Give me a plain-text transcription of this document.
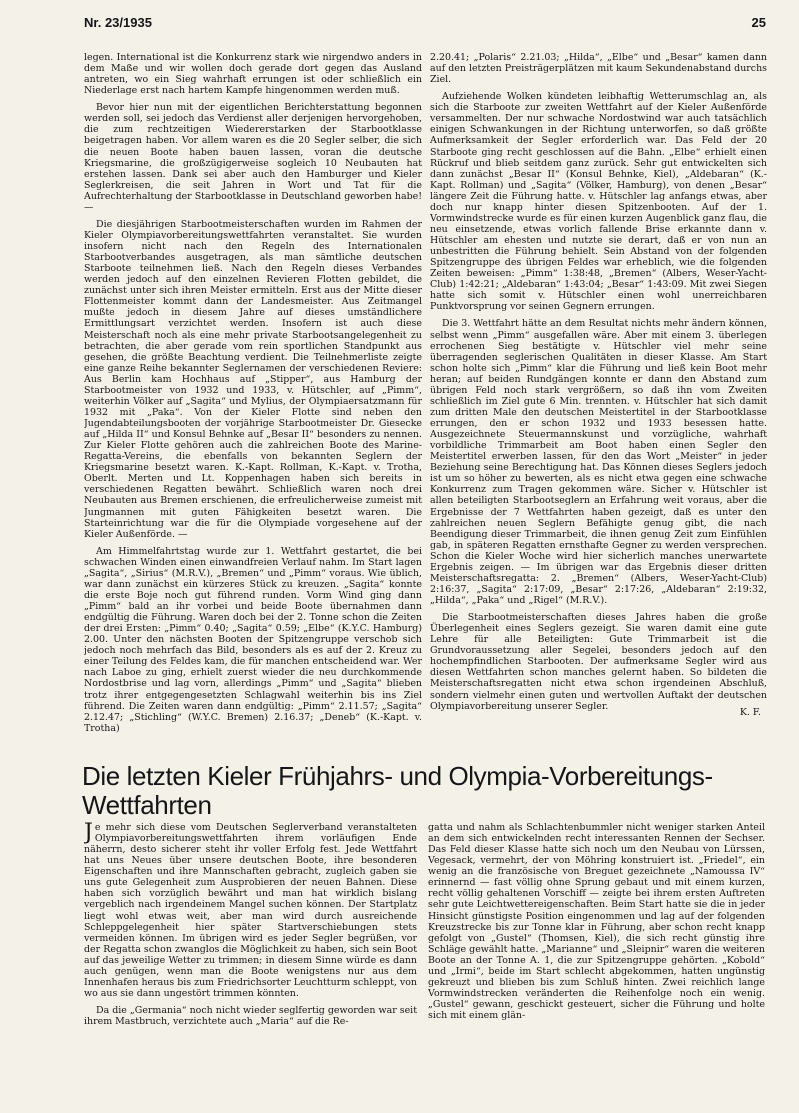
Nr. 23/1935	25

legen. International ist die Konkurrenz stark wie nirgendwo anders in dem Maße und wir wollen doch gerade dort gegen das Ausland antreten, wo ein Sieg wahrhaft errungen ist oder schließlich ein Niederlage erst nach hartem Kampfe hingenommen werden muß.

Bevor hier nun mit der eigentlichen Berichterstattung begonnen werden soll, sei jedoch das Verdienst aller derjenigen hervorgehoben, die zum rechtzeitigen Wiedererstarken der Starbootklasse beigetragen haben. Vor allem waren es die 20 Segler selber, die sich die neuen Boote haben bauen lassen, voran die deutsche Kriegsmarine, die großzügigerweise sogleich 10 Neubauten hat erstehen lassen. Dank sei aber auch den Hamburger und Kieler Seglerkreisen, die seit Jahren in Wort und Tat für die Aufrechterhaltung der Starbootklasse in Deutschland geworben habe! —

Die diesjährigen Starbootmeisterschaften wurden im Rahmen der Kieler Olympiavorbereitungswettfahrten veranstaltet. Sie wurden insofern nicht nach den Regeln des Internationalen Starbootverbandes ausgetragen, als man sämtliche deutschen Starboote teilnehmen ließ. Nach den Regeln dieses Verbandes werden jedoch auf den einzelnen Revieren Flotten gebildet, die zunächst unter sich ihren Meister ermitteln. Erst aus der Mitte dieser Flottenmeister kommt dann der Landesmeister. Aus Zeitmangel mußte jedoch in diesem Jahre auf dieses umständlichere Ermittlungsart verzichtet werden. Insofern ist auch diese Meisterschaft noch als eine mehr private Starbootsangelegenheit zu betrachten, die aber gerade vom rein sportlichen Standpunkt aus gesehen, die größte Beachtung verdient. Die Teilnehmerliste zeigte eine ganze Reihe bekannter Seglernamen der verschiedenen Reviere: Aus Berlin kam Hochhaus auf „Stipper“, aus Hamburg der Starbootmeister von 1932 und 1933, v. Hütschler, auf „Pimm“, weiterhin Völker auf „Sagita“ und Mylius, der Olympiaersatzmann für 1932 mit „Paka“. Von der Kieler Flotte sind neben den Jugendabteilungsbooten der vorjährige Starbootmeister Dr. Giesecke auf „Hilda II“ und Konsul Behnke auf „Besar II“ besonders zu nennen. Zur Kieler Flotte gehören auch die zahlreichen Boote des Marine-Regatta-Vereins, die ebenfalls von bekannten Seglern der Kriegsmarine besetzt waren. K.-Kapt. Rollman, K.-Kapt. v. Trotha, Oberlt. Merten und Lt. Koppenhagen haben sich bereits in verschiedenen Regatten bewährt. Schließlich waren noch drei Neubauten aus Bremen erschienen, die erfreulicherweise zumeist mit Jungmannen mit guten Fähigkeiten besetzt waren. Die Starteinrichtung war die für die Olympiade vorgesehene auf der Kieler Außenförde. —

Am Himmelfahrtstag wurde zur 1. Wettfahrt gestartet, die bei schwachen Winden einen einwandfreien Verlauf nahm. Im Start lagen „Sagita“, „Sirius“ (M.R.V.), „Bremen“ und „Pimm“ voraus. Wie üblich, war dann zunächst ein kürzeres Stück zu kreuzen. „Sagita“ konnte die erste Boje noch gut führend runden. Vorm Wind ging dann „Pimm“ bald an ihr vorbei und beide Boote übernahmen dann endgültig die Führung. Waren doch bei der 2. Tonne schon die Zeiten der drei Ersten: „Pimm“ 0.40; „Sagita“ 0.59; „Elbe“ (K.Y.C. Hamburg) 2.00. Unter den nächsten Booten der Spitzengruppe verschob sich jedoch noch mehrfach das Bild, besonders als es auf der 2. Kreuz zu einer Teilung des Feldes kam, die für manchen entscheidend war. Wer nach Laboe zu ging, erhielt zuerst wieder die neu durchkommende Nordostbrise und lag vorn, allerdings „Pimm“ und „Sagita“ blieben trotz ihrer entgegengesetzten Schlagwahl weiterhin bis ins Ziel führend. Die Zeiten waren dann endgültig: „Pimm“ 2.11.57; „Sagita“ 2.12.47; „Stichling“ (W.Y.C. Bremen) 2.16.37; „Deneb“ (K.-Kapt. v. Trotha)

2.20.41; „Polaris“ 2.21.03; „Hilda“, „Elbe“ und „Besar“ kamen dann auf den letzten Preisträgerplätzen mit kaum Sekundenabstand durchs Ziel.

Aufziehende Wolken kündeten leibhaftig Wetterumschlag an, als sich die Starboote zur zweiten Wettfahrt auf der Kieler Außenförde versammelten. Der nur schwache Nordostwind war auch tatsächlich einigen Schwankungen in der Richtung unterworfen, so daß größte Aufmerksamkeit der Segler erforderlich war. Das Feld der 20 Starboote ging recht geschlossen auf die Bahn. „Elbe“ erhielt einen Rückruf und blieb seitdem ganz zurück. Sehr gut entwickelten sich dann zunächst „Besar II“ (Konsul Behnke, Kiel), „Aldebaran“ (K.-Kapt. Rollman) und „Sagita“ (Völker, Hamburg), von denen „Besar“ längere Zeit die Führung hatte. v. Hütschler lag anfangs etwas, aber doch nur knapp hinter diesen Spitzenbooten. Auf der 1. Vormwindstrecke wurde es für einen kurzen Augenblick ganz flau, die neu einsetzende, etwas vorlich fallende Brise erkannte dann v. Hütschler am ehesten und nutzte sie derart, daß er von nun an unbestritten die Führung behielt. Sein Abstand von der folgenden Spitzengruppe des übrigen Feldes war erheblich, wie die folgenden Zeiten beweisen: „Pimm“ 1:38:48, „Bremen“ (Albers, Weser-Yacht-Club) 1:42:21; „Aldebaran“ 1:43:04; „Besar“ 1:43:09. Mit zwei Siegen hatte sich somit v. Hütschler einen wohl unerreichbaren Punktvorsprung vor seinen Gegnern errungen.

Die 3. Wettfahrt hätte an dem Resultat nichts mehr ändern können, selbst wenn „Pimm“ ausgefallen wäre. Aber mit einem 3. überlegen errochenen Sieg bestätigte v. Hütschler viel mehr seine überragenden seglerischen Qualitäten in dieser Klasse. Am Start schon holte sich „Pimm“ klar die Führung und ließ kein Boot mehr heran; auf beiden Rundgängen konnte er dann den Abstand zum übrigen Feld noch stark vergrößern, so daß ihn vom Zweiten schließlich im Ziel gute 6 Min. trennten. v. Hütschler hat sich damit zum dritten Male den deutschen Meistertitel in der Starbootklasse errungen, den er schon 1932 und 1933 besessen hatte. Ausgezeichnete Steuermannskunst und vorzügliche, wahrhaft vorbildliche Trimmarbeit am Boot haben einen Segler den Meistertitel erwerben lassen, für den das Wort „Meister“ in jeder Beziehung seine Berechtigung hat. Das Können dieses Seglers jedoch ist um so höher zu bewerten, als es nicht etwa gegen eine schwache Konkurrenz zum Tragen gekommen wäre. Sicher v. Hütschler ist allen beteiligten Starbootseglern an Erfahrung weit voraus, aber die Ergebnisse der 7 Wettfahrten haben gezeigt, daß es unter den zahlreichen neuen Seglern Befähigte genug gibt, die nach Beendigung dieser Trimmarbeit, die ihnen genug Zeit zum Einfühlen gab, in späteren Regatten ernsthafte Gegner zu werden versprechen. Schon die Kieler Woche wird hier sicherlich manches unerwartete Ergebnis zeigen. — Im übrigen war das Ergebnis dieser dritten Meisterschaftsregatta: 2. „Bremen“ (Albers, Weser-Yacht-Club) 2:16:37, „Sagita“ 2:17:09, „Besar“ 2:17:26, „Aldebaran“ 2:19:32, „Hilda“, „Paka“ und „Rigel“ (M.R.V.).

Die Starbootmeisterschaften dieses Jahres haben die große Überlegenheit eines Seglers gezeigt. Sie waren damit eine gute Lehre für alle Beteiligten: Gute Trimmarbeit ist die Grundvoraussetzung aller Segelei, besonders jedoch auf den hochempfindlichen Starbooten. Der aufmerksame Segler wird aus diesen Wettfahrten schon manches gelernt haben. So bildeten die Meisterschaftsregatten nicht etwa schon irgendeinen Abschluß, sondern vielmehr einen guten und wertvollen Auftakt der deutschen Olympiavorbereitung unserer Segler.

K. F.

Die letzten Kieler Frühjahrs- und Olympia-Vorbereitungs-Wettfahrten

Je mehr sich diese vom Deutschen Seglerverband veranstalteten Olympiavorbereitungswettfahrten ihrem vorläufigen Ende näherrn, desto sicherer steht ihr voller Erfolg fest. Jede Wettfahrt hat uns Neues über unsere deutschen Boote, ihre besonderen Eigenschaften und ihre Mannschaften gebracht, zugleich gaben sie uns gute Gelegenheit zum Ausprobieren der neuen Bahnen. Diese haben sich vorzüglich bewährt und man hat wirklich bislang vergeblich nach irgendeinem Mangel suchen können. Der Startplatz liegt wohl etwas weit, aber man wird durch ausreichende Schleppgelegenheit hier später Startverschiebungen stets vermeiden können. Im übrigen wird es jeder Segler begrüßen, vor der Regatta schon zwanglos die Möglichkeit zu haben, sich sein Boot auf das jeweilige Wetter zu trimmen; in diesem Sinne würde es dann auch genügen, wenn man die Boote wenigstens nur aus dem Innenhafen heraus bis zum Friedrichsorter Leuchtturm schleppt, von wo aus sie dann ungestört trimmen könnten.

Da die „Germania“ noch nicht wieder seglfertig geworden war seit ihrem Mastbruch, verzichtete auch „Maria“ auf die Re-

gatta und nahm als Schlachtenbummler nicht weniger starken Anteil an dem sich entwickelnden recht interessanten Rennen der Sechser. Das Feld dieser Klasse hatte sich noch um den Neubau von Lürssen, Vegesack, vermehrt, der von Möhring konstruiert ist. „Friedel“, ein wenig an die französische von Breguet gezeichnete „Namoussa IV“ erinnernd — fast völlig ohne Sprung gebaut und mit einem kurzen, recht völlig gehaltenen Vorschiff — zeigte bei ihrem ersten Auftreten sehr gute Leichtwettereigenschaften. Beim Start hatte sie die in jeder Hinsicht günstigste Position eingenommen und lag auf der folgenden Kreuzstrecke bis zur Tonne klar in Führung, aber schon recht knapp gefolgt von „Gustel“ (Thomsen, Kiel), die sich recht günstig ihre Schläge gewählt hatte. „Marianne“ und „Sleipnir“ waren die weiteren Boote an der Tonne A. 1, die zur Spitzengruppe gehörten. „Kobold“ und „Irmi“, beide im Start schlecht abgekommen, hatten ungünstig gekreuzt und blieben bis zum Schluß hinten. Zwei reichlich lange Vormwindstrecken veränderten die Reihenfolge noch ein wenig. „Gustel“ gewann, geschickt gesteuert, sicher die Führung und holte sich mit einem glän-
